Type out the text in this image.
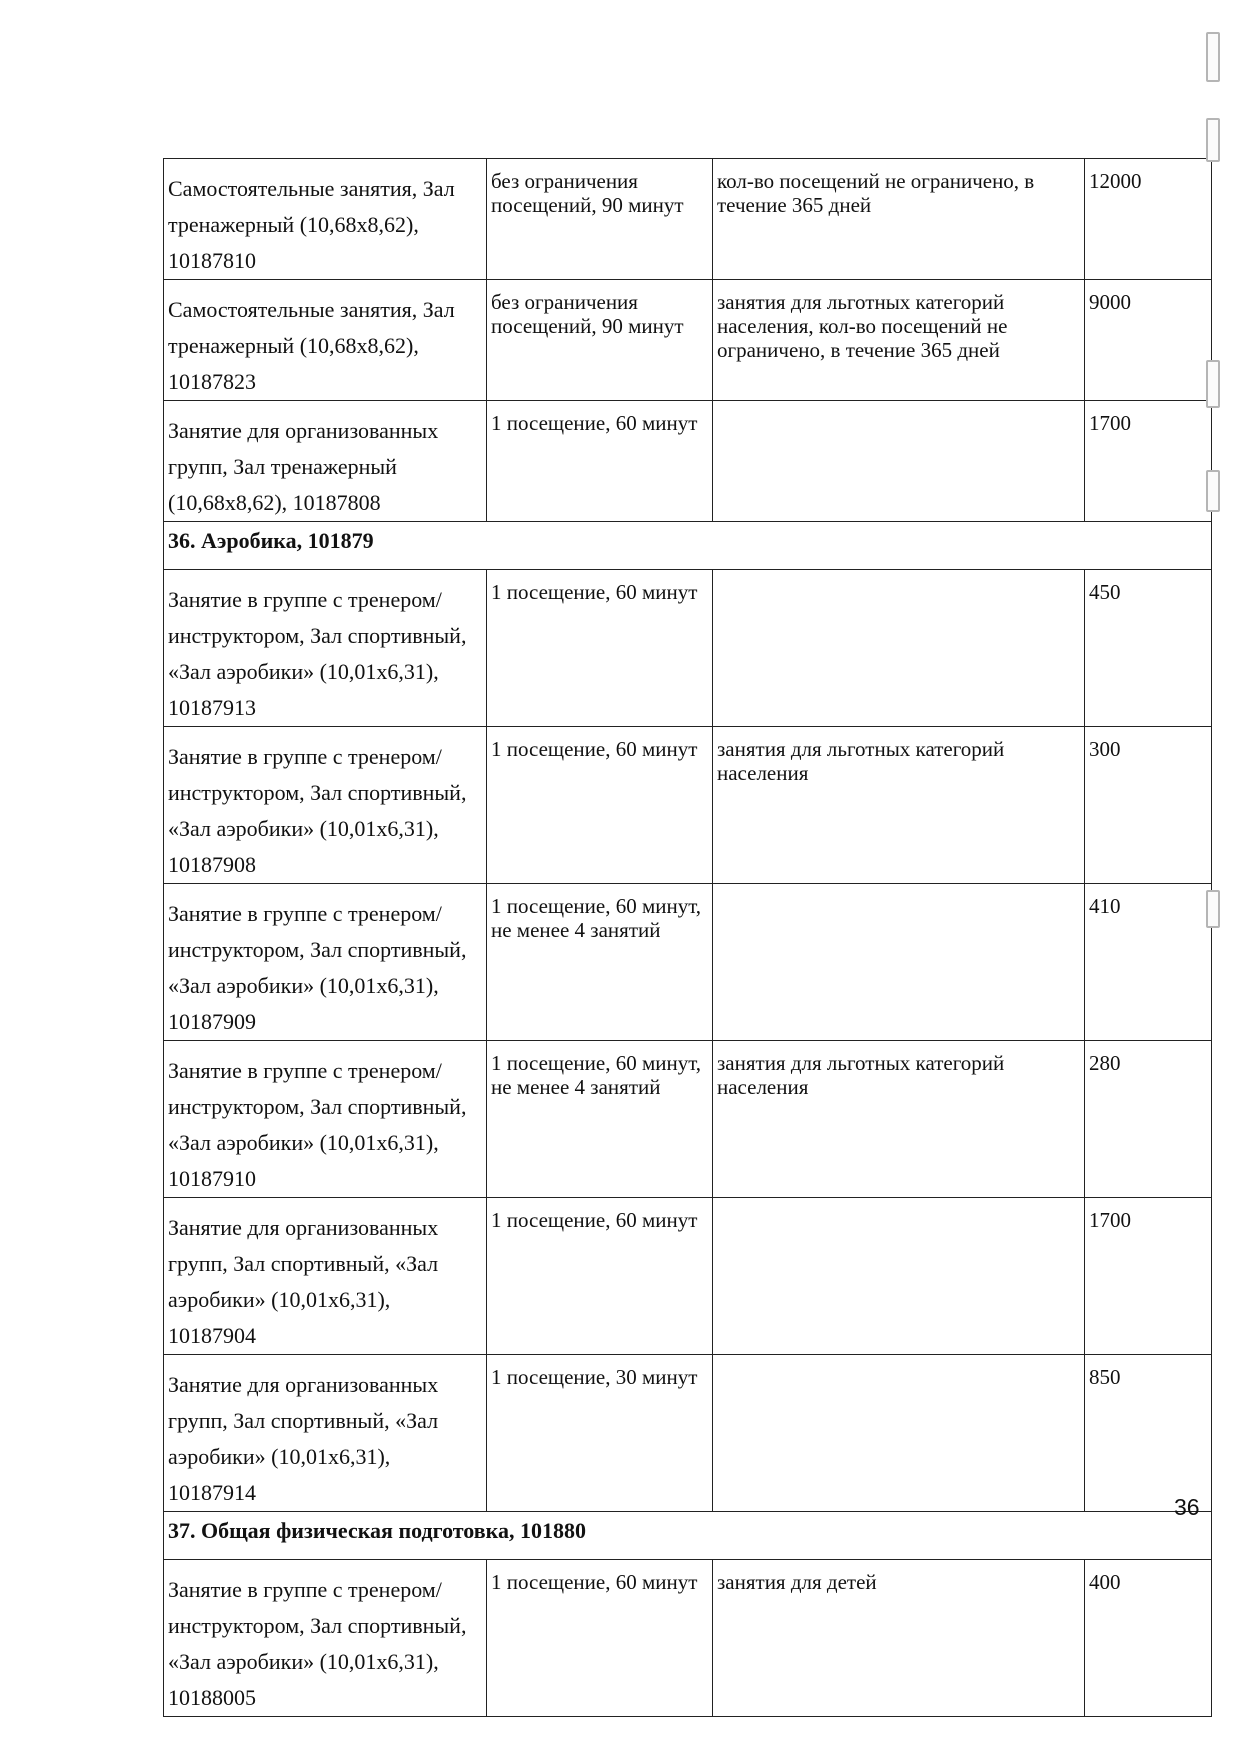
Самостоятельные занятия, Зал тренажерный (10,68х8,62), 10187810	без ограничения посещений, 90 минут	кол-во посещений не ограничено, в течение 365 дней	12000

Самостоятельные занятия, Зал тренажерный (10,68х8,62), 10187823	без ограничения посещений, 90 минут	занятия для льготных категорий населения, кол-во посещений не ограничено, в течение 365 дней	9000

Занятие для организованных групп, Зал тренажерный (10,68х8,62), 10187808	1 посещение, 60 минут		1700

36. Аэробика, 101879			

Занятие в группе с тренером/инструктором, Зал спортивный, «Зал аэробики» (10,01х6,31), 10187913	1 посещение, 60 минут		450

Занятие в группе с тренером/инструктором, Зал спортивный, «Зал аэробики» (10,01х6,31), 10187908	1 посещение, 60 минут	занятия для льготных категорий населения	300

Занятие в группе с тренером/инструктором, Зал спортивный, «Зал аэробики» (10,01х6,31), 10187909	1 посещение, 60 минут, не менее 4 занятий		410

Занятие в группе с тренером/инструктором, Зал спортивный, «Зал аэробики» (10,01х6,31), 10187910	1 посещение, 60 минут, не менее 4 занятий	занятия для льготных категорий населения	280

Занятие для организованных групп, Зал спортивный, «Зал аэробики» (10,01х6,31), 10187904	1 посещение, 60 минут		1700

Занятие для организованных групп, Зал спортивный, «Зал аэробики» (10,01х6,31), 10187914	1 посещение, 30 минут		850

37. Общая физическая подготовка, 101880			

Занятие в группе с тренером/инструктором, Зал спортивный, «Зал аэробики» (10,01х6,31), 10188005	1 посещение, 60 минут	занятия для детей	400
36
